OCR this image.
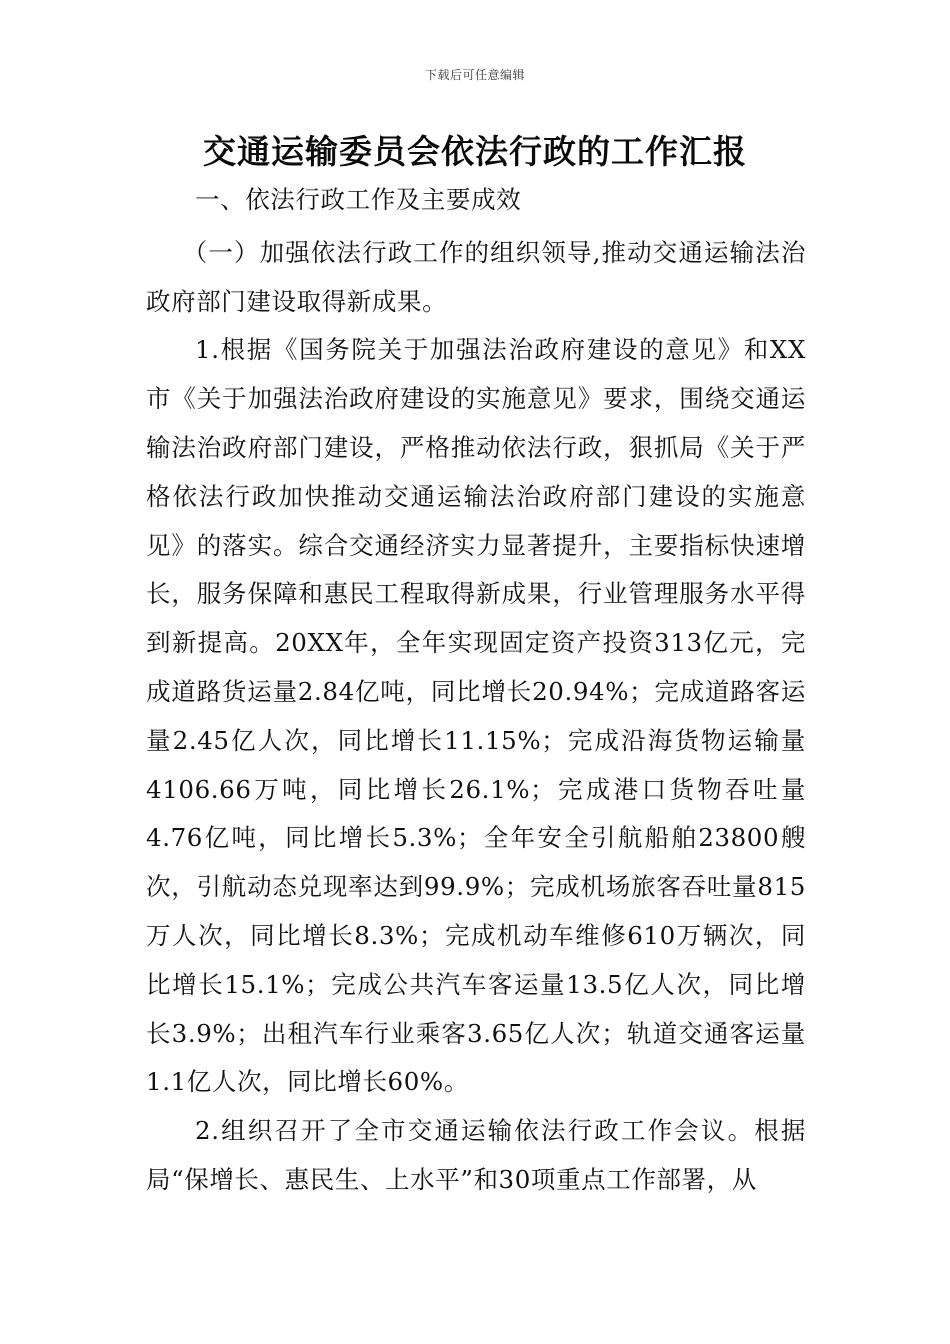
下载后可任意编辑
交通运输委员会依法行政的工作汇报

一、依法行政工作及主要成效

（一）加强依法行政工作的组织领导,推动交通运输法治政府部门建设取得新成果。

1.根据《国务院关于加强法治政府建设的意见》和XX市《关于加强法治政府建设的实施意见》要求，围绕交通运输法治政府部门建设，严格推动依法行政，狠抓局《关于严格依法行政加快推动交通运输法治政府部门建设的实施意见》的落实。综合交通经济实力显著提升，主要指标快速增长，服务保障和惠民工程取得新成果，行业管理服务水平得到新提高。20XX年，全年实现固定资产投资313亿元，完成道路货运量2.84亿吨，同比增长20.94%；完成道路客运量2.45亿人次，同比增长11.15%；完成沿海货物运输量4106.66万吨，同比增长26.1%；完成港口货物吞吐量4.76亿吨，同比增长5.3%；全年安全引航船舶23800艘次，引航动态兑现率达到99.9%；完成机场旅客吞吐量815万人次，同比增长8.3%；完成机动车维修610万辆次，同比增长15.1%；完成公共汽车客运量13.5亿人次，同比增长3.9%；出租汽车行业乘客3.65亿人次；轨道交通客运量1.1亿人次，同比增长60%。

2.组织召开了全市交通运输依法行政工作会议。根据局“保增长、惠民生、上水平”和30项重点工作部署，从
